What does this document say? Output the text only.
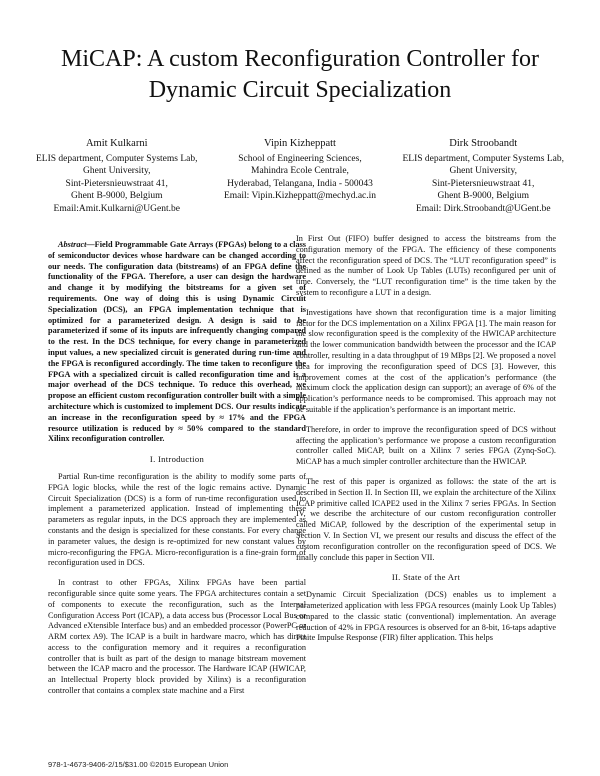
MiCAP: A custom Reconfiguration Controller for
Dynamic Circuit Specialization
Amit Kulkarni
ELIS department, Computer Systems Lab,
Ghent University,
Sint-Pietersnieuwstraat 41,
Ghent B-9000, Belgium
Email:Amit.Kulkarni@UGent.be
Vipin Kizheppatt
School of Engineering Sciences,
Mahindra Ecole Centrale,
Hyderabad, Telangana, India - 500043
Email: Vipin.Kizheppatt@mechyd.ac.in
Dirk Stroobandt
ELIS department, Computer Systems Lab,
Ghent University,
Sint-Pietersnieuwstraat 41,
Ghent B-9000, Belgium
Email: Dirk.Stroobandt@UGent.be

Abstract—Field Programmable Gate Arrays (FPGAs) belong to a class of semiconductor devices whose hardware can be changed according to our needs. The configuration data (bitstreams) of an FPGA define the functionality of the FPGA. Therefore, a user can design the hardware and change it by modifying the bitstreams for a given set of requirements. One way of doing this is using Dynamic Circuit Specialization (DCS), an FPGA implementation technique that is optimized for a parameterized design. A design is said to be parameterized if some of its inputs are infrequently changing compared to the rest. In the DCS technique, for every change in parameterized input values, a new specialized circuit is generated during run-time and the FPGA is reconfigured accordingly. The time taken to reconfigure the FPGA with a specialized circuit is called reconfiguration time and is a major overhead of the DCS technique. To reduce this overhead, we propose an efficient custom reconfiguration controller built with a simple architecture which is customized to implement DCS. Our results indicate an increase in the reconfiguration speed by ≈ 17% and the FPGA resource utilization is reduced by ≈ 50% compared to the standard Xilinx reconfiguration controller.

I. Introduction

Partial Run-time reconfiguration is the ability to modify some parts of FPGA logic blocks, while the rest of the logic remains active. Dynamic Circuit Specialization (DCS) is a form of run-time reconfiguration used to implement a parameterized application. Instead of implementing these parameters as regular inputs, in the DCS approach they are implemented as constants and the design is specialized for these constants. For every change in parameter values, the design is re-optimized for new constant values by micro-reconfiguring the FPGA. Micro-reconfiguration is a fine-grain form of reconfiguration used in DCS.

In contrast to other FPGAs, Xilinx FPGAs have been partial reconfigurable since quite some years. The FPGA architectures contain a set of components to execute the reconfiguration, such as the Internal Configuration Access Port (ICAP), a data access bus (Processor Local Bus or Advanced eXtensible Interface bus) and an embedded processor (PowerPC or ARM cortex A9). The ICAP is a built in hardware macro, which has direct access to the configuration memory and it requires a reconfiguration controller that is built as part of the design to manage bitstream movement between the ICAP macro and the processor. The Hardware ICAP (HWICAP, an Intellectual Property block provided by Xilinx) is a reconfiguration controller that contains a complex state machine and a First

In First Out (FIFO) buffer designed to access the bitstreams from the configuration memory of the FPGA. The efficiency of these components affect the reconfiguration speed of DCS. The “LUT reconfiguration speed” is defined as the number of Look Up Tables (LUTs) reconfigured per unit of time. Conversely, the “LUT reconfiguration time” is the time taken by the system to reconfigure a LUT in a design.

Investigations have shown that reconfiguration time is a major limiting factor for the DCS implementation on a Xilinx FPGA [1]. The main reason for the slow reconfiguration speed is the complexity of the HWICAP architecture and the lower communication bandwidth between the processor and the ICAP controller, resulting in a data throughput of 19 MBps [2]. We proposed a novel idea for improving the reconfiguration speed of DCS [3]. However, this improvement comes at the cost of the application’s performance (the maximum clock the application design can support); an average of 6% of the application’s performance needs to be compromised. This approach may not be suitable if the application’s performance is an important metric.

Therefore, in order to improve the reconfiguration speed of DCS without affecting the application’s performance we propose a custom reconfiguration controller called MiCAP, built on a Xilinx 7 series FPGA (Zynq-SoC). MiCAP has a much simpler controller architecture than the HWICAP.

The rest of this paper is organized as follows: the state of the art is described in Section II. In Section III, we explain the architecture of the Xilinx ICAP primitive called ICAPE2 used in the Xilinx 7 series FPGAs. In Section IV, we describe the architecture of our custom reconfiguration controller called MiCAP, followed by the description of the experimental setup in Section V. In Section VI, we present our results and discuss the effect of the custom reconfiguration controller on the reconfiguration speed of DCS. We finally conclude this paper in Section VII.

II. State of the Art

Dynamic Circuit Specialization (DCS) enables us to implement a parameterized application with less FPGA resources (mainly Look Up Tables) compared to the classic static (conventional) implementation. An average reduction of 42% in FPGA resources is observed for an 8-bit, 16-taps adaptive Finite Impulse Response (FIR) filter application. This helps

978-1-4673-9406-2/15/$31.00 ©2015 European Union
